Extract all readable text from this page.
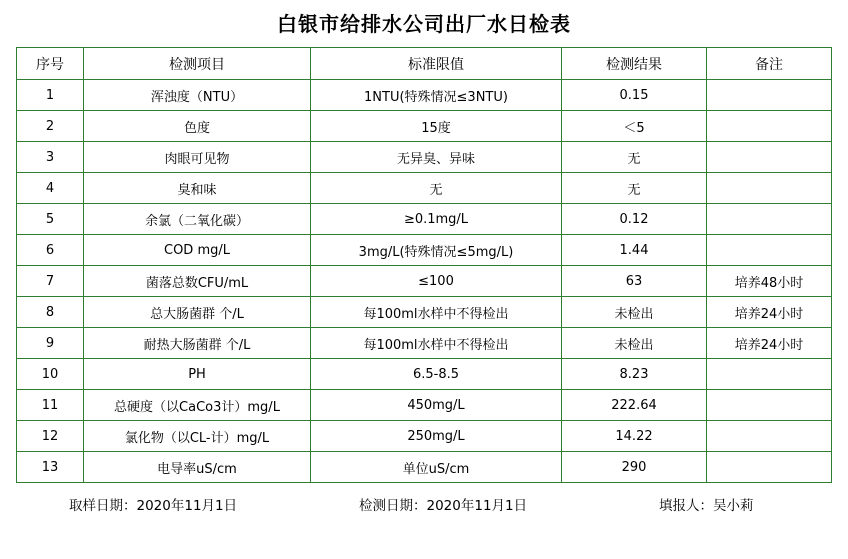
白银市给排水公司出厂水日检表
序号	检测项目	标准限值	检测结果	备注
1	浑浊度（NTU）	1NTU(特殊情况≤3NTU)	0.15	
2	色度	15度	＜5	
3	肉眼可见物	无异臭、异味	无	
4	臭和味	无	无	
5	余氯（二氧化碳）	≥0.1mg/L	0.12	
6	COD mg/L	3mg/L(特殊情况≤5mg/L)	1.44	
7	菌落总数CFU/mL	≤100	63	培养48小时
8	总大肠菌群 个/L	每100ml水样中不得检出	未检出	培养24小时
9	耐热大肠菌群 个/L	每100ml水样中不得检出	未检出	培养24小时
10	PH	6.5-8.5	8.23	
11	总硬度（以CaCo3计）mg/L	450mg/L	222.64	
12	氯化物（以CL-计）mg/L	250mg/L	14.22	
13	电导率uS/cm	单位uS/cm	290	
取样日期：2020年11月1日	检测日期：2020年11月1日	填报人：吴小莉
